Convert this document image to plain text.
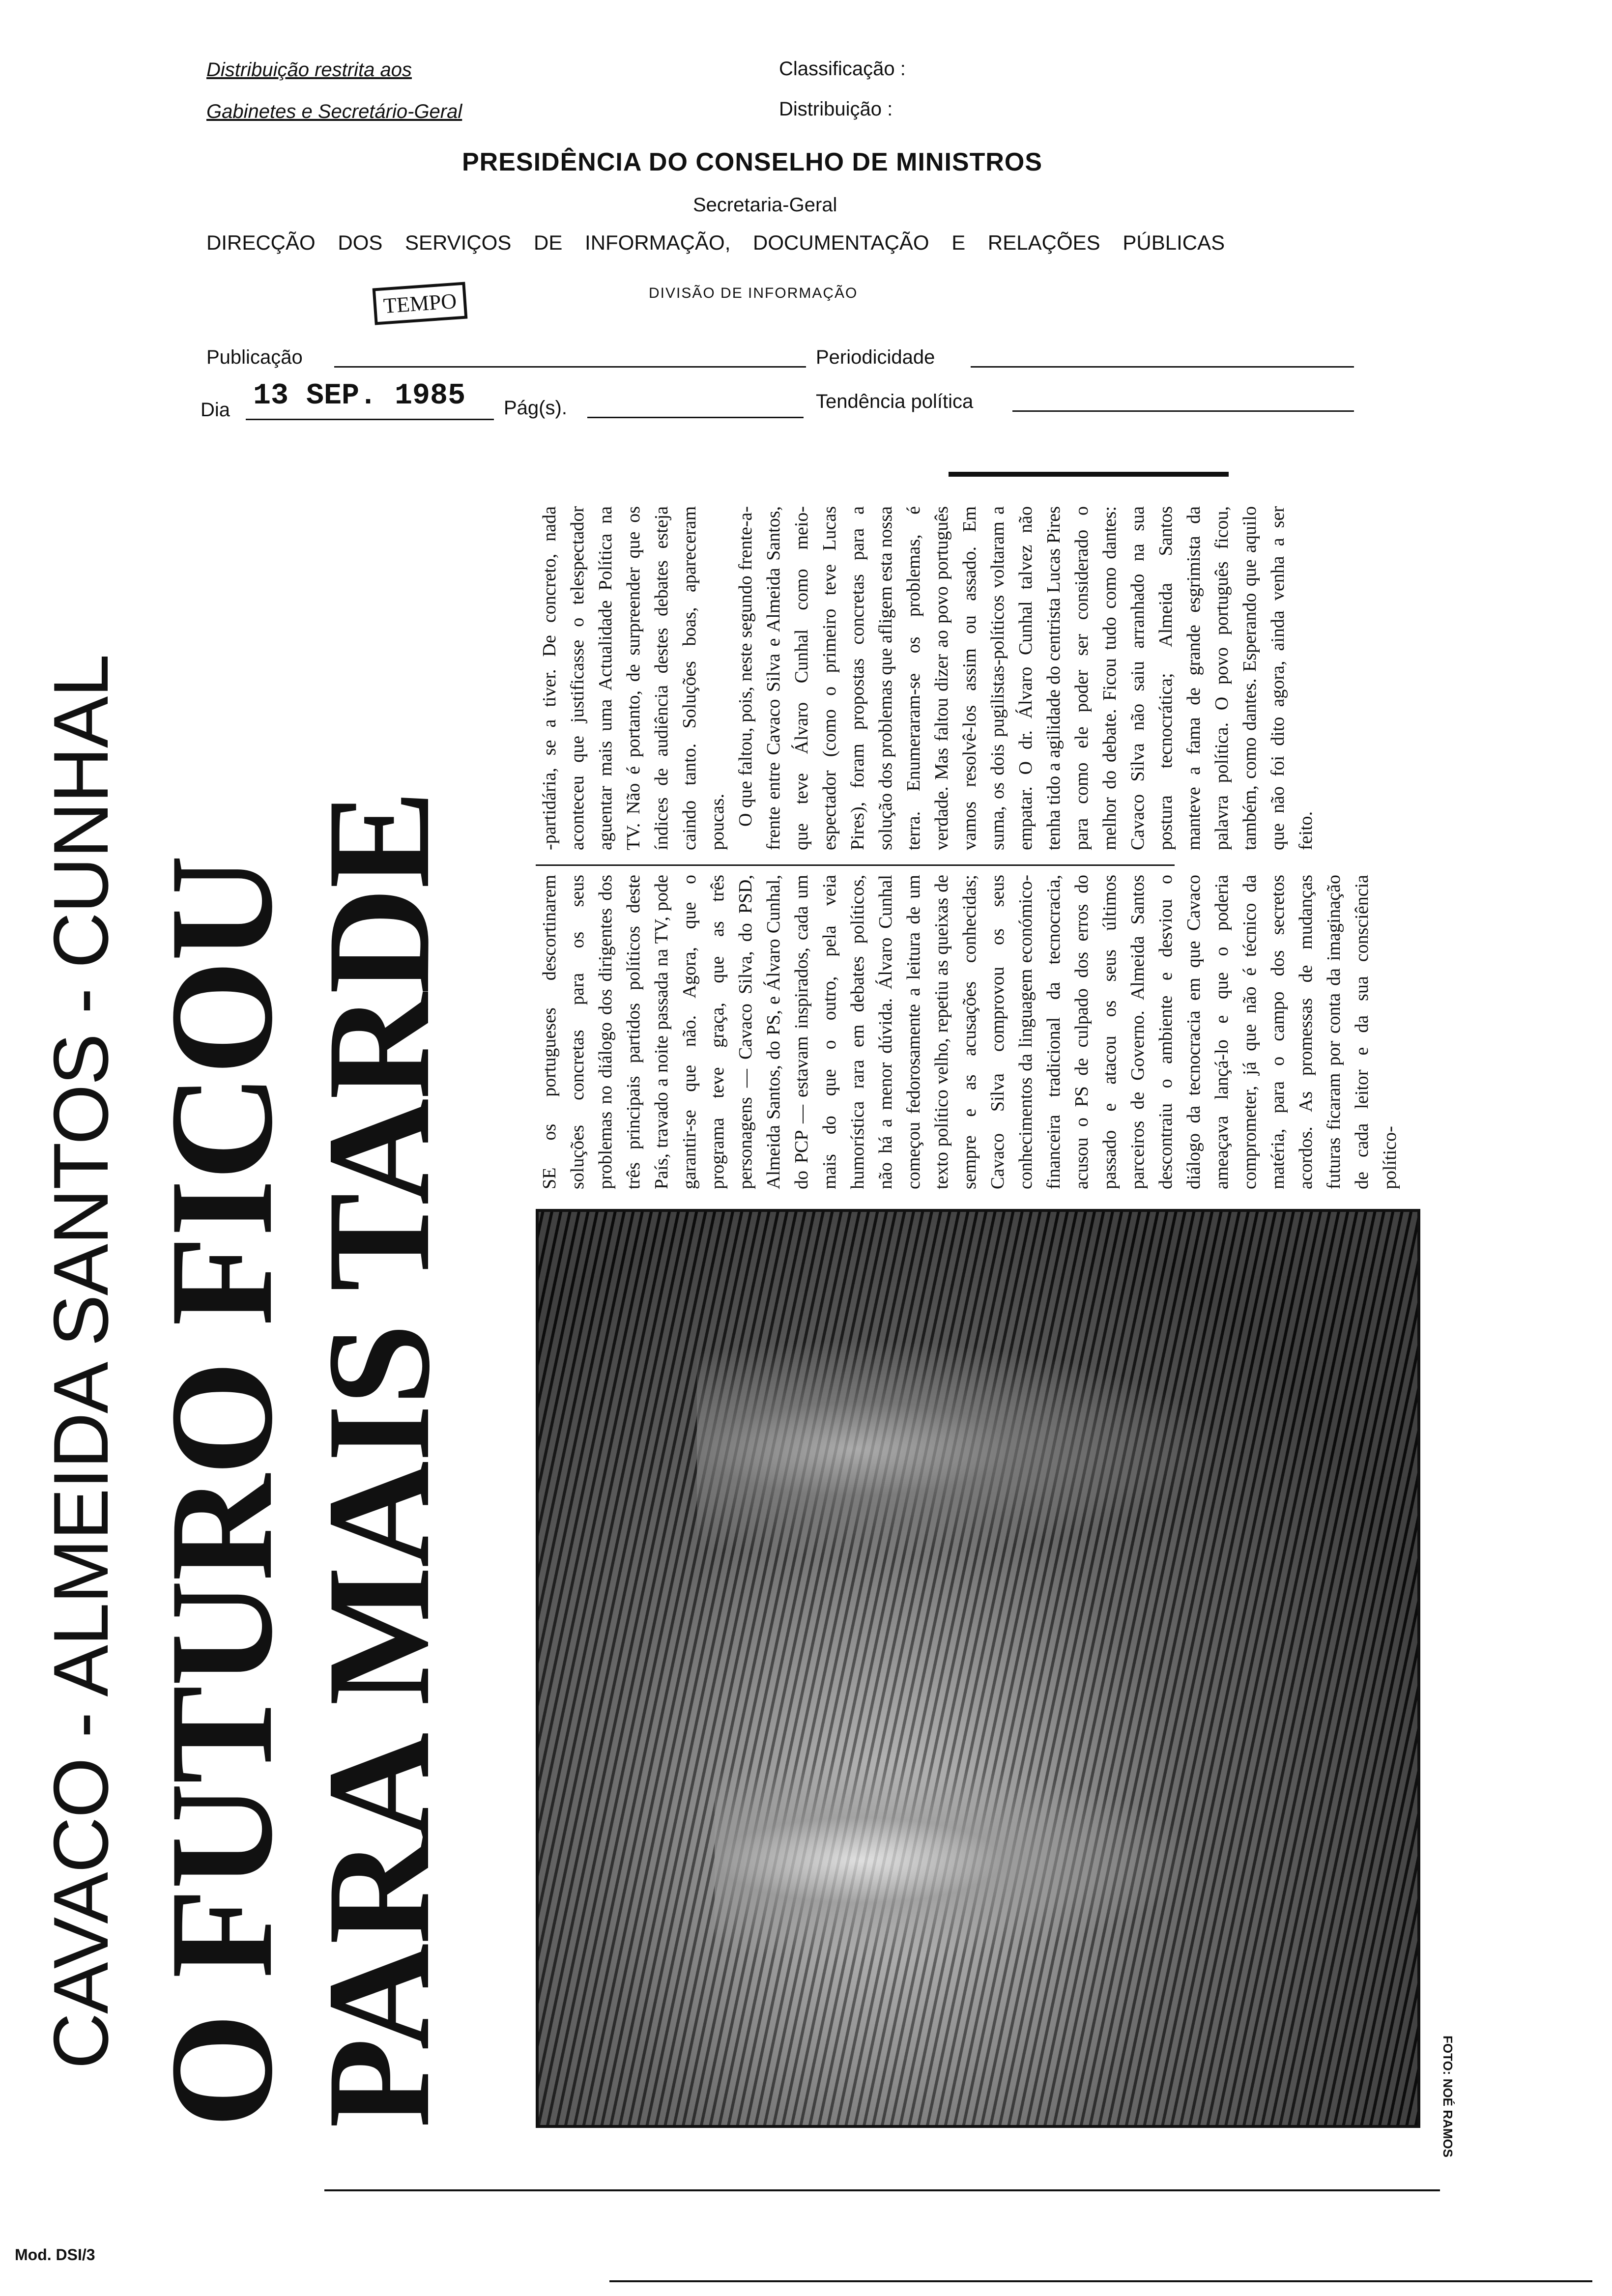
Distribuição restrita aos
Gabinetes e Secretário-Geral
Classificação :
Distribuição :
PRESIDÊNCIA DO CONSELHO DE MINISTROS
Secretaria-Geral
DIRECÇÃO DOS SERVIÇOS DE INFORMAÇÃO, DOCUMENTAÇÃO E RELAÇÕES PÚBLICAS
DIVISÃO DE INFORMAÇÃO
TEMPO
Publicação	Periodicidade
Dia 13 SEP. 1985 Pág(s).	Tendência política
CAVACO - ALMEIDA SANTOS - CUNHAL O FUTURO FICOU
PARA MAIS TARDE	FOTO: NOÉ RAMOS

SE os portugueses descortinarem soluções concretas para os seus problemas no diálogo dos dirigentes dos três principais partidos políticos deste País, travado a noite passada na TV, pode garantir-se que não. Agora, que o programa teve graça, que as três personagens — Cavaco Silva, do PSD, Almeida Santos, do PS, e Álvaro Cunhal, do PCP — estavam inspirados, cada um mais do que o outro, pela veia humorística rara em debates políticos, não há a menor dúvida. Álvaro Cunhal começou fedorosamente a leitura de um texto político velho, repetiu as queixas de sempre e as acusações conhecidas; Cavaco Silva comprovou os seus conhecimentos da linguagem económico-financeira tradicional da tecnocracia, acusou o PS de culpado dos erros do passado e atacou os seus últimos parceiros de Governo. Almeida Santos descontraiu o ambiente e desviou o diálogo da tecnocracia em que Cavaco ameaçava lançá-lo e que o poderia comprometer, já que não é técnico da matéria, para o campo dos secretos acordos. As promessas de mudanças futuras ficaram por conta da imaginação de cada leitor e da sua consciência político-

-partidária, se a tiver. De concreto, nada aconteceu que justificasse o telespectador aguentar mais uma Actualidade Política na TV. Não é portanto, de surpreender que os índices de audiência destes debates esteja caindo tanto. Soluções boas, apareceram poucas. O que faltou, pois, neste segundo frente-a-frente entre Cavaco Silva e Almeida Santos, que teve Álvaro Cunhal como meio-espectador (como o primeiro teve Lucas Pires), foram propostas concretas para a solução dos problemas que afligem esta nossa terra. Enumeraram-se os problemas, é verdade. Mas faltou dizer ao povo português vamos resolvê-los assim ou assado. Em suma, os dois pugilistas-políticos voltaram a empatar. O dr. Álvaro Cunhal talvez não tenha tido a agilidade do centrista Lucas Pires para como ele poder ser considerado o melhor do debate. Ficou tudo como dantes: Cavaco Silva não saiu arranhado na sua postura tecnocrática; Almeida Santos manteve a fama de grande esgrimista da palavra política. O povo português ficou, também, como dantes. Esperando que aquilo que não foi dito agora, ainda venha a ser feito.

Mod. DSI/3
